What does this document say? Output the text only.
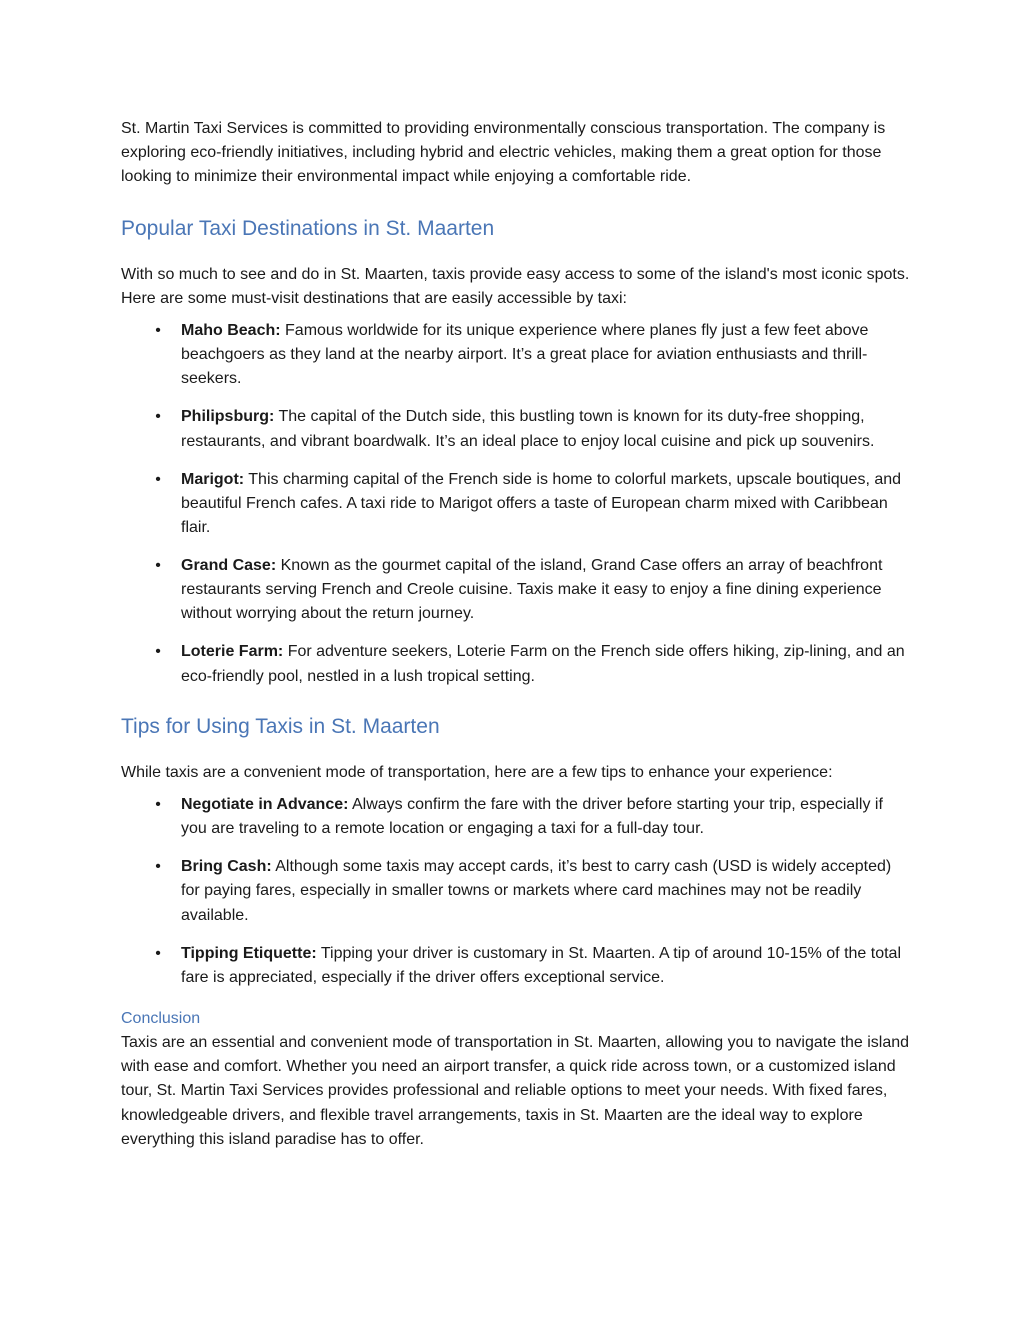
St. Martin Taxi Services is committed to providing environmentally conscious transportation. The company is exploring eco-friendly initiatives, including hybrid and electric vehicles, making them a great option for those looking to minimize their environmental impact while enjoying a comfortable ride.

Popular Taxi Destinations in St. Maarten

With so much to see and do in St. Maarten, taxis provide easy access to some of the island's most iconic spots. Here are some must-visit destinations that are easily accessible by taxi:

• Maho Beach: Famous worldwide for its unique experience where planes fly just a few feet above beachgoers as they land at the nearby airport. It’s a great place for aviation enthusiasts and thrill-seekers.
• Philipsburg: The capital of the Dutch side, this bustling town is known for its duty-free shopping, restaurants, and vibrant boardwalk. It’s an ideal place to enjoy local cuisine and pick up souvenirs.
• Marigot: This charming capital of the French side is home to colorful markets, upscale boutiques, and beautiful French cafes. A taxi ride to Marigot offers a taste of European charm mixed with Caribbean flair.
• Grand Case: Known as the gourmet capital of the island, Grand Case offers an array of beachfront restaurants serving French and Creole cuisine. Taxis make it easy to enjoy a fine dining experience without worrying about the return journey.
• Loterie Farm: For adventure seekers, Loterie Farm on the French side offers hiking, zip-lining, and an eco-friendly pool, nestled in a lush tropical setting.
Tips for Using Taxis in St. Maarten

While taxis are a convenient mode of transportation, here are a few tips to enhance your experience:

• Negotiate in Advance: Always confirm the fare with the driver before starting your trip, especially if you are traveling to a remote location or engaging a taxi for a full-day tour.
• Bring Cash: Although some taxis may accept cards, it’s best to carry cash (USD is widely accepted) for paying fares, especially in smaller towns or markets where card machines may not be readily available.
• Tipping Etiquette: Tipping your driver is customary in St. Maarten. A tip of around 10-15% of the total fare is appreciated, especially if the driver offers exceptional service.
Conclusion

Taxis are an essential and convenient mode of transportation in St. Maarten, allowing you to navigate the island with ease and comfort. Whether you need an airport transfer, a quick ride across town, or a customized island tour, St. Martin Taxi Services provides professional and reliable options to meet your needs. With fixed fares, knowledgeable drivers, and flexible travel arrangements, taxis in St. Maarten are the ideal way to explore everything this island paradise has to offer.
